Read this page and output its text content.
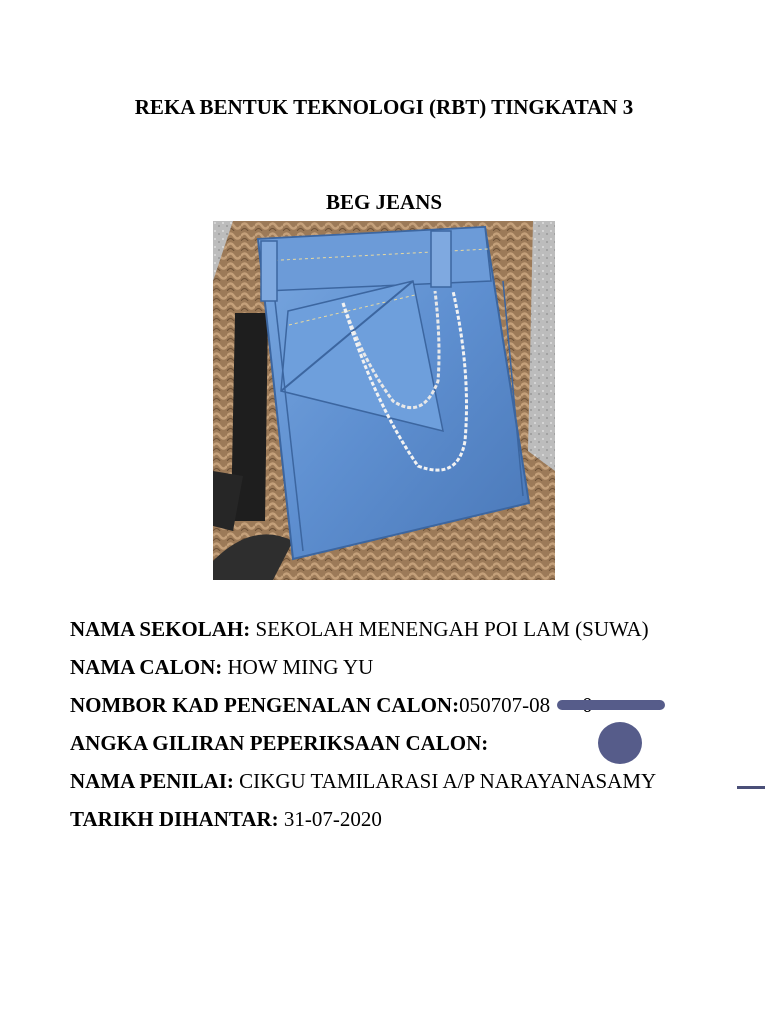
REKA BENTUK TEKNOLOGI (RBT) TINGKATAN 3
BEG JEANS
NAMA SEKOLAH: SEKOLAH MENENGAH POI LAM (SUWA)
NAMA CALON: HOW MING YU
NOMBOR KAD PENGENALAN CALON:050707-08
ANGKA GILIRAN PEPERIKSAAN CALON:
NAMA PENILAI: CIKGU TAMILARASI A/P NARAYANASAMY
TARIKH DIHANTAR: 31-07-2020
